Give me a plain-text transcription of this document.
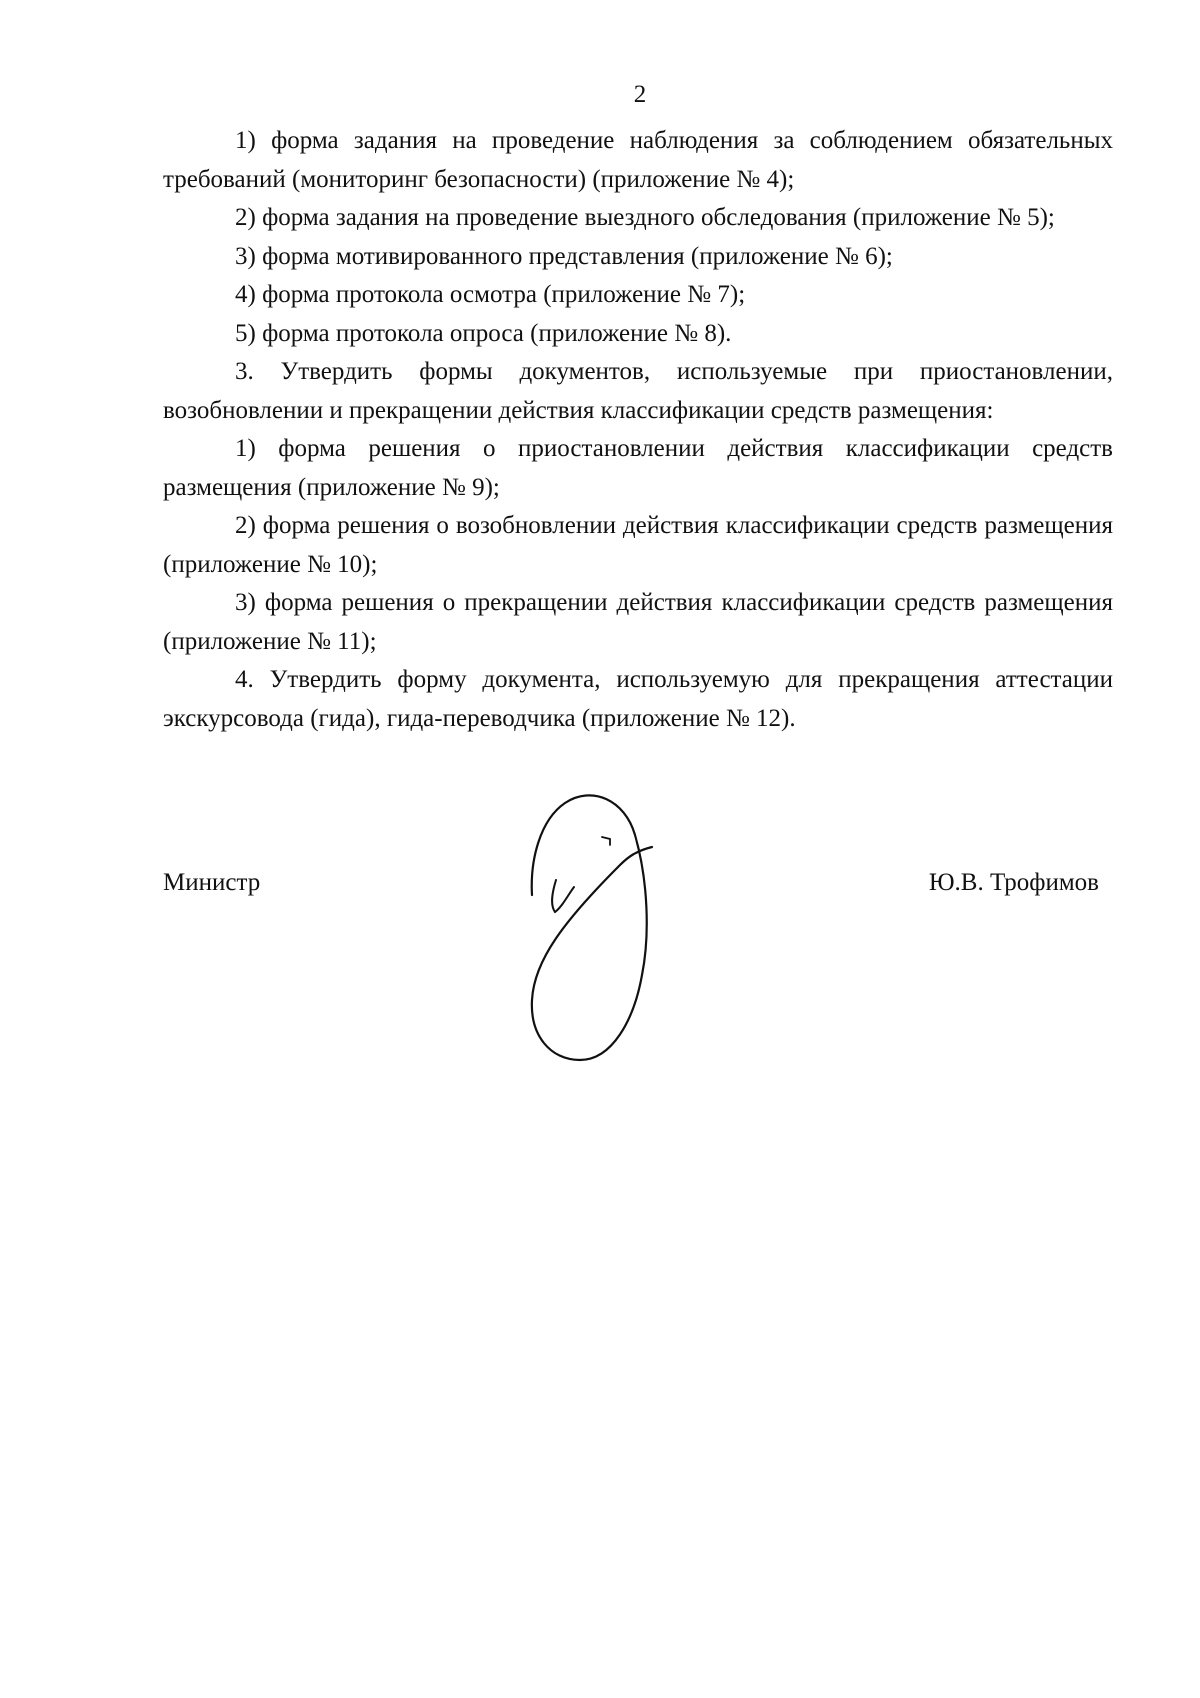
2

1) форма задания на проведение наблюдения за соблюдением обязательных требований (мониторинг безопасности) (приложение № 4);

2) форма задания на проведение выездного обследования (приложение № 5);

3) форма мотивированного представления (приложение № 6);

4) форма протокола осмотра (приложение № 7);

5) форма протокола опроса (приложение № 8).

3. Утвердить формы документов, используемые при приостановлении, возобновлении и прекращении действия классификации средств размещения:

1) форма решения о приостановлении действия классификации средств размещения (приложение № 9);

2) форма решения о возобновлении действия классификации средств размещения (приложение № 10);

3) форма решения о прекращении действия классификации средств размещения (приложение № 11);

4. Утвердить форму документа, используемую для прекращения аттестации экскурсовода (гида), гида-переводчика (приложение № 12).

Министр	Ю.В. Трофимов
